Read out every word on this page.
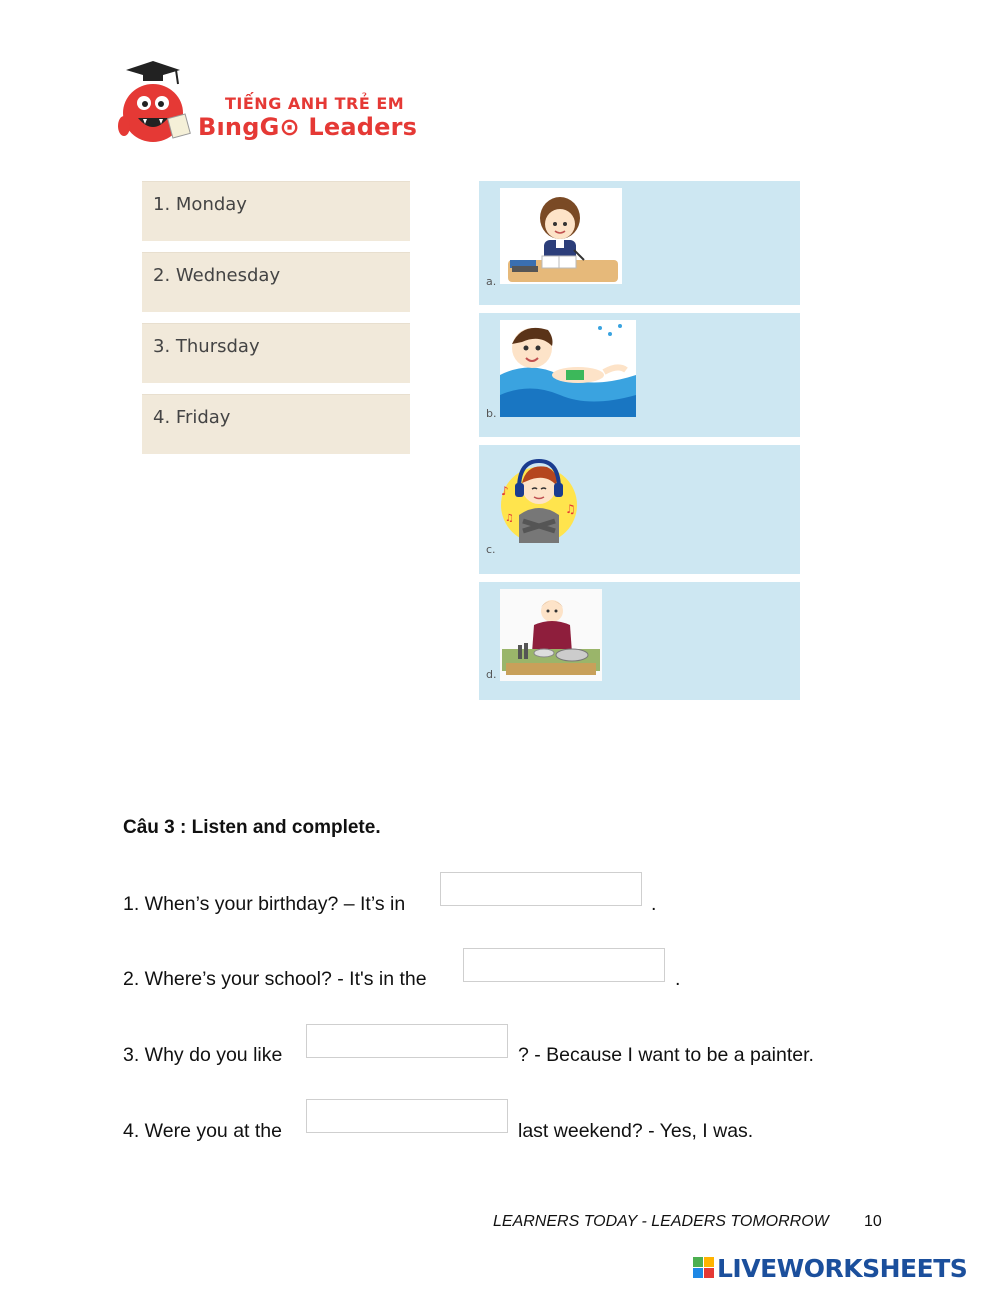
TIẾNG ANH TRẺ EM
BıngG⊙ Leaders
1. Monday
2. Wednesday
3. Thursday
4. Friday
a.
b.
♪
♫
♫
c.
d.
Câu 3 : Listen and complete.
1. When’s your birthday? – It’s in	.
2. Where’s your school? - It's in the	.
3. Why do you like	? - Because I want to be a painter.
4. Were you at the	last weekend? - Yes, I was.
LEARNERS TODAY - LEADERS TOMORROW 10
LIVEWORKSHEETS
